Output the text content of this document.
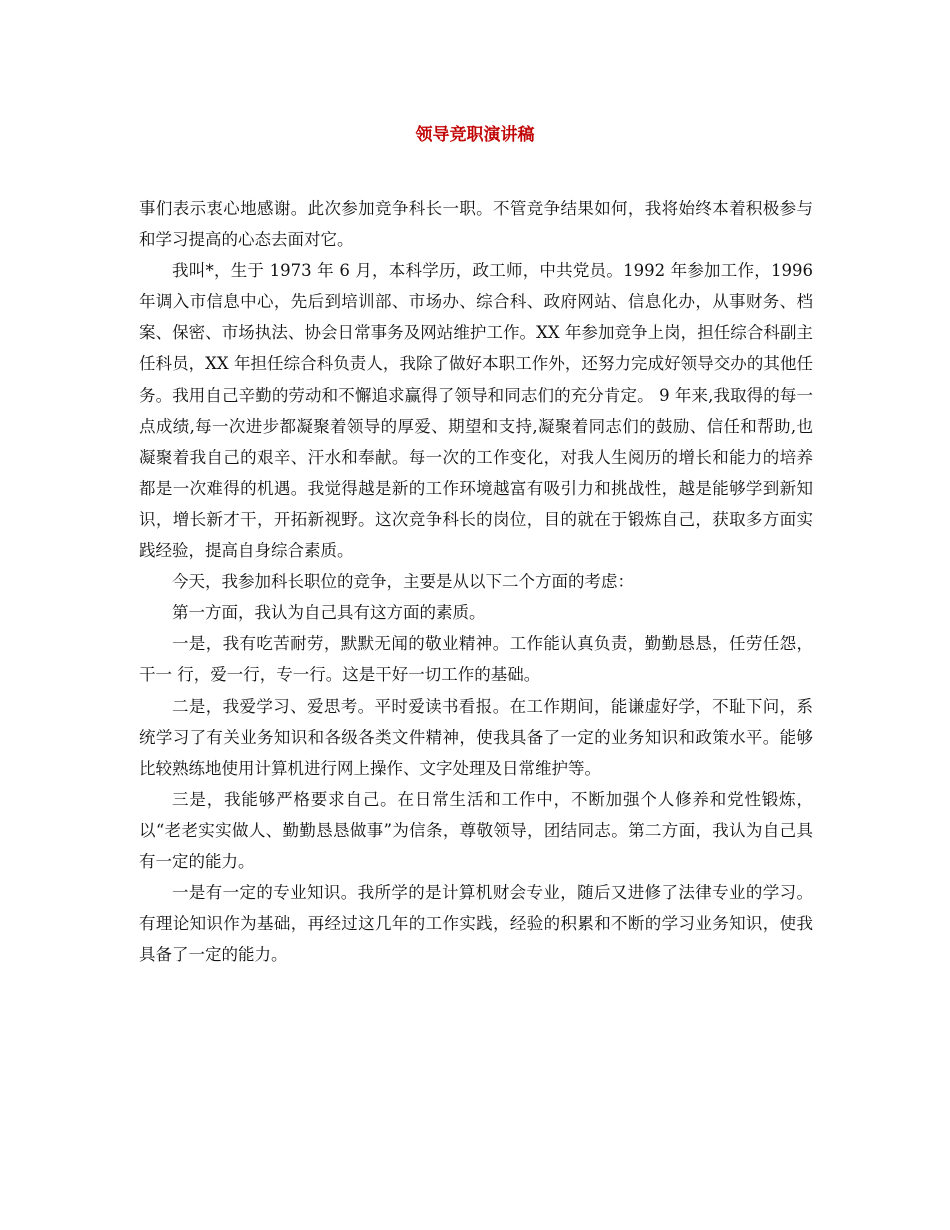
领导竞职演讲稿

事们表示衷心地感谢。此次参加竞争科长一职。不管竞争结果如何，我将始终本着积极参与和学习提高的心态去面对它。

我叫*，生于 1973 年 6 月，本科学历，政工师，中共党员。1992 年参加工作，1996 年调入市信息中心，先后到培训部、市场办、综合科、政府网站、信息化办，从事财务、档案、保密、市场执法、协会日常事务及网站维护工作。XX 年参加竞争上岗，担任综合科副主任科员，XX 年担任综合科负责人，我除了做好本职工作外，还努力完成好领导交办的其他任务。我用自己辛勤的劳动和不懈追求赢得了领导和同志们的充分肯定。 9 年来,我取得的每一点成绩,每一次进步都凝聚着领导的厚爱、期望和支持,凝聚着同志们的鼓励、信任和帮助,也凝聚着我自己的艰辛、汗水和奉献。每一次的工作变化，对我人生阅历的增长和能力的培养都是一次难得的机遇。我觉得越是新的工作环境越富有吸引力和挑战性，越是能够学到新知识，增长新才干，开拓新视野。这次竞争科长的岗位，目的就在于锻炼自己，获取多方面实践经验，提高自身综合素质。

今天，我参加科长职位的竞争，主要是从以下二个方面的考虑：

第一方面，我认为自己具有这方面的素质。

一是，我有吃苦耐劳，默默无闻的敬业精神。工作能认真负责，勤勤恳恳，任劳任怨，干一 行，爱一行，专一行。这是干好一切工作的基础。

二是，我爱学习、爱思考。平时爱读书看报。在工作期间，能谦虚好学，不耻下问，系统学习了有关业务知识和各级各类文件精神，使我具备了一定的业务知识和政策水平。能够比较熟练地使用计算机进行网上操作、文字处理及日常维护等。

三是，我能够严格要求自己。在日常生活和工作中，不断加强个人修养和党性锻炼，以“老老实实做人、勤勤恳恳做事”为信条，尊敬领导，团结同志。第二方面，我认为自己具有一定的能力。

一是有一定的专业知识。我所学的是计算机财会专业，随后又进修了法律专业的学习。有理论知识作为基础，再经过这几年的工作实践，经验的积累和不断的学习业务知识，使我具备了一定的能力。
